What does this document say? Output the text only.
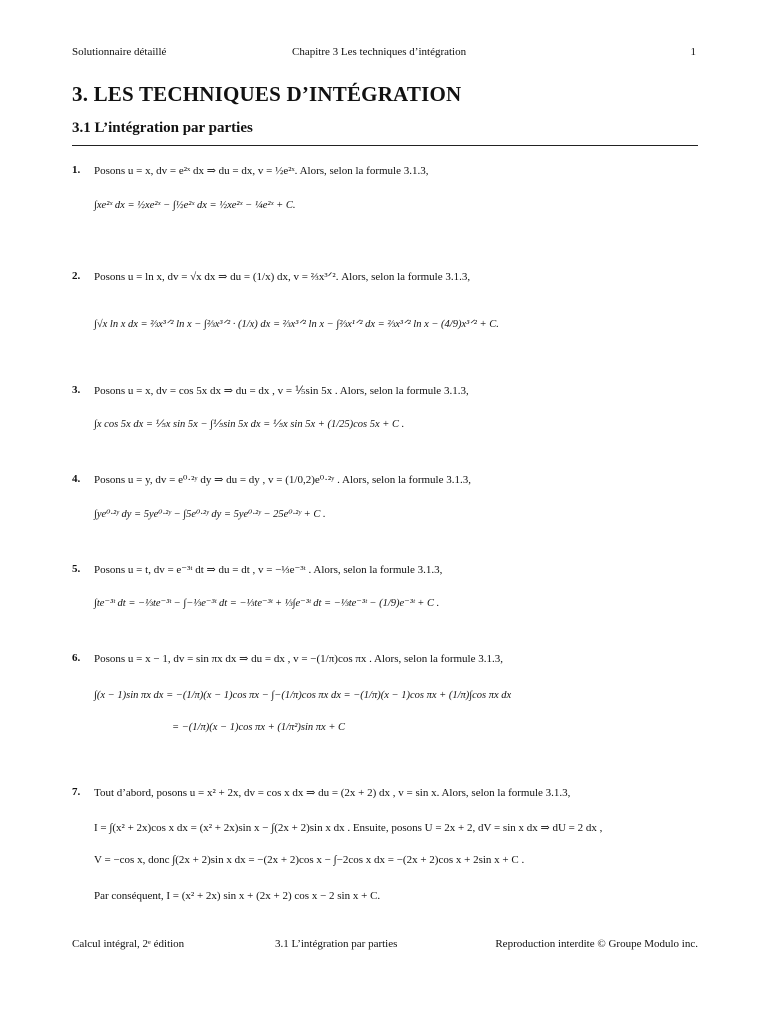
Solutionnaire détaillé	Chapitre 3 Les techniques d’intégration	1
3. LES TECHNIQUES D’INTÉGRATION
3.1 L’intégration par parties
1. Posons u = x, dv = e²ˣ dx ⇒ du = dx, v = ½e²ˣ. Alors, selon la formule 3.1.3,
∫xe²ˣ dx = ½xe²ˣ − ∫½e²ˣ dx = ½xe²ˣ − ¼e²ˣ + C.
2. Posons u = ln x, dv = √x dx ⇒ du = (1/x) dx, v = ⅔x³ᐟ². Alors, selon la formule 3.1.3,
∫√x ln x dx = ⅔x³ᐟ² ln x − ∫⅔x³ᐟ² · (1/x) dx = ⅔x³ᐟ² ln x − ∫⅔x¹ᐟ² dx = ⅔x³ᐟ² ln x − (4/9)x³ᐟ² + C.
3. Posons u = x, dv = cos 5x dx ⇒ du = dx , v = ⅕sin 5x . Alors, selon la formule 3.1.3,
∫x cos 5x dx = ⅕x sin 5x − ∫⅕sin 5x dx = ⅕x sin 5x + (1/25)cos 5x + C .
4. Posons u = y, dv = e⁰·²ʸ dy ⇒ du = dy , v = (1/0,2)e⁰·²ʸ . Alors, selon la formule 3.1.3,
∫ye⁰·²ʸ dy = 5ye⁰·²ʸ − ∫5e⁰·²ʸ dy = 5ye⁰·²ʸ − 25e⁰·²ʸ + C .
5. Posons u = t, dv = e⁻³ᵗ dt ⇒ du = dt , v = −⅓e⁻³ᵗ . Alors, selon la formule 3.1.3,
∫te⁻³ᵗ dt = −⅓te⁻³ᵗ − ∫−⅓e⁻³ᵗ dt = −⅓te⁻³ᵗ + ⅓∫e⁻³ᵗ dt = −⅓te⁻³ᵗ − (1/9)e⁻³ᵗ + C .
6. Posons u = x − 1, dv = sin πx dx ⇒ du = dx , v = −(1/π)cos πx . Alors, selon la formule 3.1.3,
∫(x − 1)sin πx dx = −(1/π)(x − 1)cos πx − ∫−(1/π)cos πx dx = −(1/π)(x − 1)cos πx + (1/π)∫cos πx dx
= −(1/π)(x − 1)cos πx + (1/π²)sin πx + C
7. Tout d’abord, posons u = x² + 2x, dv = cos x dx ⇒ du = (2x + 2) dx , v = sin x. Alors, selon la formule 3.1.3,
I = ∫(x² + 2x)cos x dx = (x² + 2x)sin x − ∫(2x + 2)sin x dx . Ensuite, posons U = 2x + 2, dV = sin x dx ⇒ dU = 2 dx ,
V = −cos x, donc ∫(2x + 2)sin x dx = −(2x + 2)cos x − ∫−2cos x dx = −(2x + 2)cos x + 2sin x + C .
Par conséquent, I = (x² + 2x) sin x + (2x + 2) cos x − 2 sin x + C.
Calcul intégral, 2ᵉ édition	3.1 L’intégration par parties	Reproduction interdite © Groupe Modulo inc.
